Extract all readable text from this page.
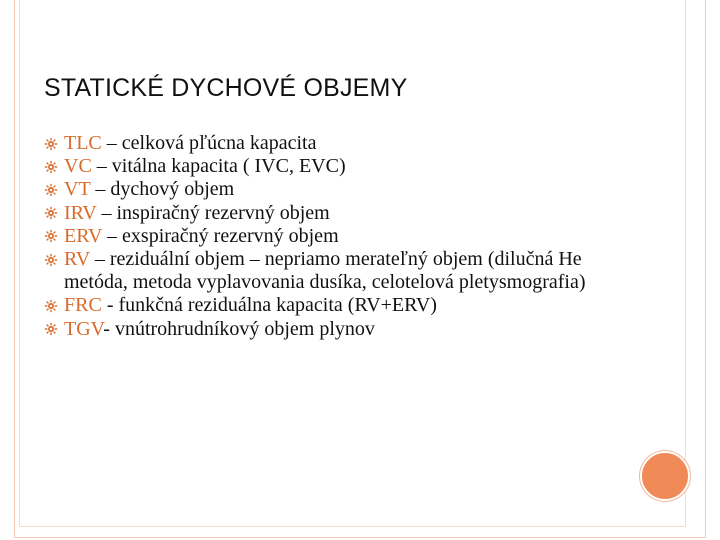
STATICKÉ DYCHOVÉ OBJEMY
TLC – celková pľúcna kapacita
VC – vitálna kapacita ( IVC, EVC)
VT – dychový objem
IRV – inspiračný rezervný objem
ERV – exspiračný rezervný objem
RV – reziduální objem – nepriamo merateľný objem (dilučná He metóda, metoda vyplavovania dusíka, celotelová pletysmografia)
FRC - funkčná reziduálna kapacita (RV+ERV)
TGV- vnútrohrudníkový objem plynov
